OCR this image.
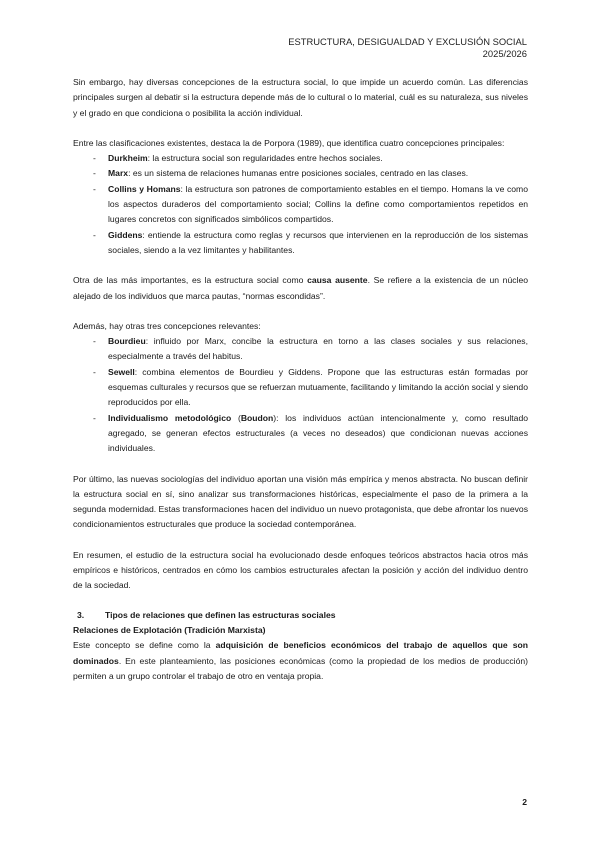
ESTRUCTURA, DESIGUALDAD Y EXCLUSIÓN SOCIAL
2025/2026

Sin embargo, hay diversas concepciones de la estructura social, lo que impide un acuerdo común. Las diferencias principales surgen al debatir si la estructura depende más de lo cultural o lo material, cuál es su naturaleza, sus niveles y el grado en que condiciona o posibilita la acción individual.

Entre las clasificaciones existentes, destaca la de Porpora (1989), que identifica cuatro concepciones principales:

- Durkheim: la estructura social son regularidades entre hechos sociales.
- Marx: es un sistema de relaciones humanas entre posiciones sociales, centrado en las clases.
- Collins y Homans: la estructura son patrones de comportamiento estables en el tiempo. Homans la ve como los aspectos duraderos del comportamiento social; Collins la define como comportamientos repetidos en lugares concretos con significados simbólicos compartidos.
- Giddens: entiende la estructura como reglas y recursos que intervienen en la reproducción de los sistemas sociales, siendo a la vez limitantes y habilitantes.

Otra de las más importantes, es la estructura social como causa ausente. Se refiere a la existencia de un núcleo alejado de los individuos que marca pautas, “normas escondidas”.

Además, hay otras tres concepciones relevantes:

- Bourdieu: influido por Marx, concibe la estructura en torno a las clases sociales y sus relaciones, especialmente a través del habitus.
- Sewell: combina elementos de Bourdieu y Giddens. Propone que las estructuras están formadas por esquemas culturales y recursos que se refuerzan mutuamente, facilitando y limitando la acción social y siendo reproducidos por ella.
- Individualismo metodológico (Boudon): los individuos actúan intencionalmente y, como resultado agregado, se generan efectos estructurales (a veces no deseados) que condicionan nuevas acciones individuales.

Por último, las nuevas sociologías del individuo aportan una visión más empírica y menos abstracta. No buscan definir la estructura social en sí, sino analizar sus transformaciones históricas, especialmente el paso de la primera a la segunda modernidad. Estas transformaciones hacen del individuo un nuevo protagonista, que debe afrontar los nuevos condicionamientos estructurales que produce la sociedad contemporánea.

En resumen, el estudio de la estructura social ha evolucionado desde enfoques teóricos abstractos hacia otros más empíricos e históricos, centrados en cómo los cambios estructurales afectan la posición y acción del individuo dentro de la sociedad.

3.	Tipos de relaciones que definen las estructuras sociales

Relaciones de Explotación (Tradición Marxista)

Este concepto se define como la adquisición de beneficios económicos del trabajo de aquellos que son dominados. En este planteamiento, las posiciones económicas (como la propiedad de los medios de producción) permiten a un grupo controlar el trabajo de otro en ventaja propia.

2
